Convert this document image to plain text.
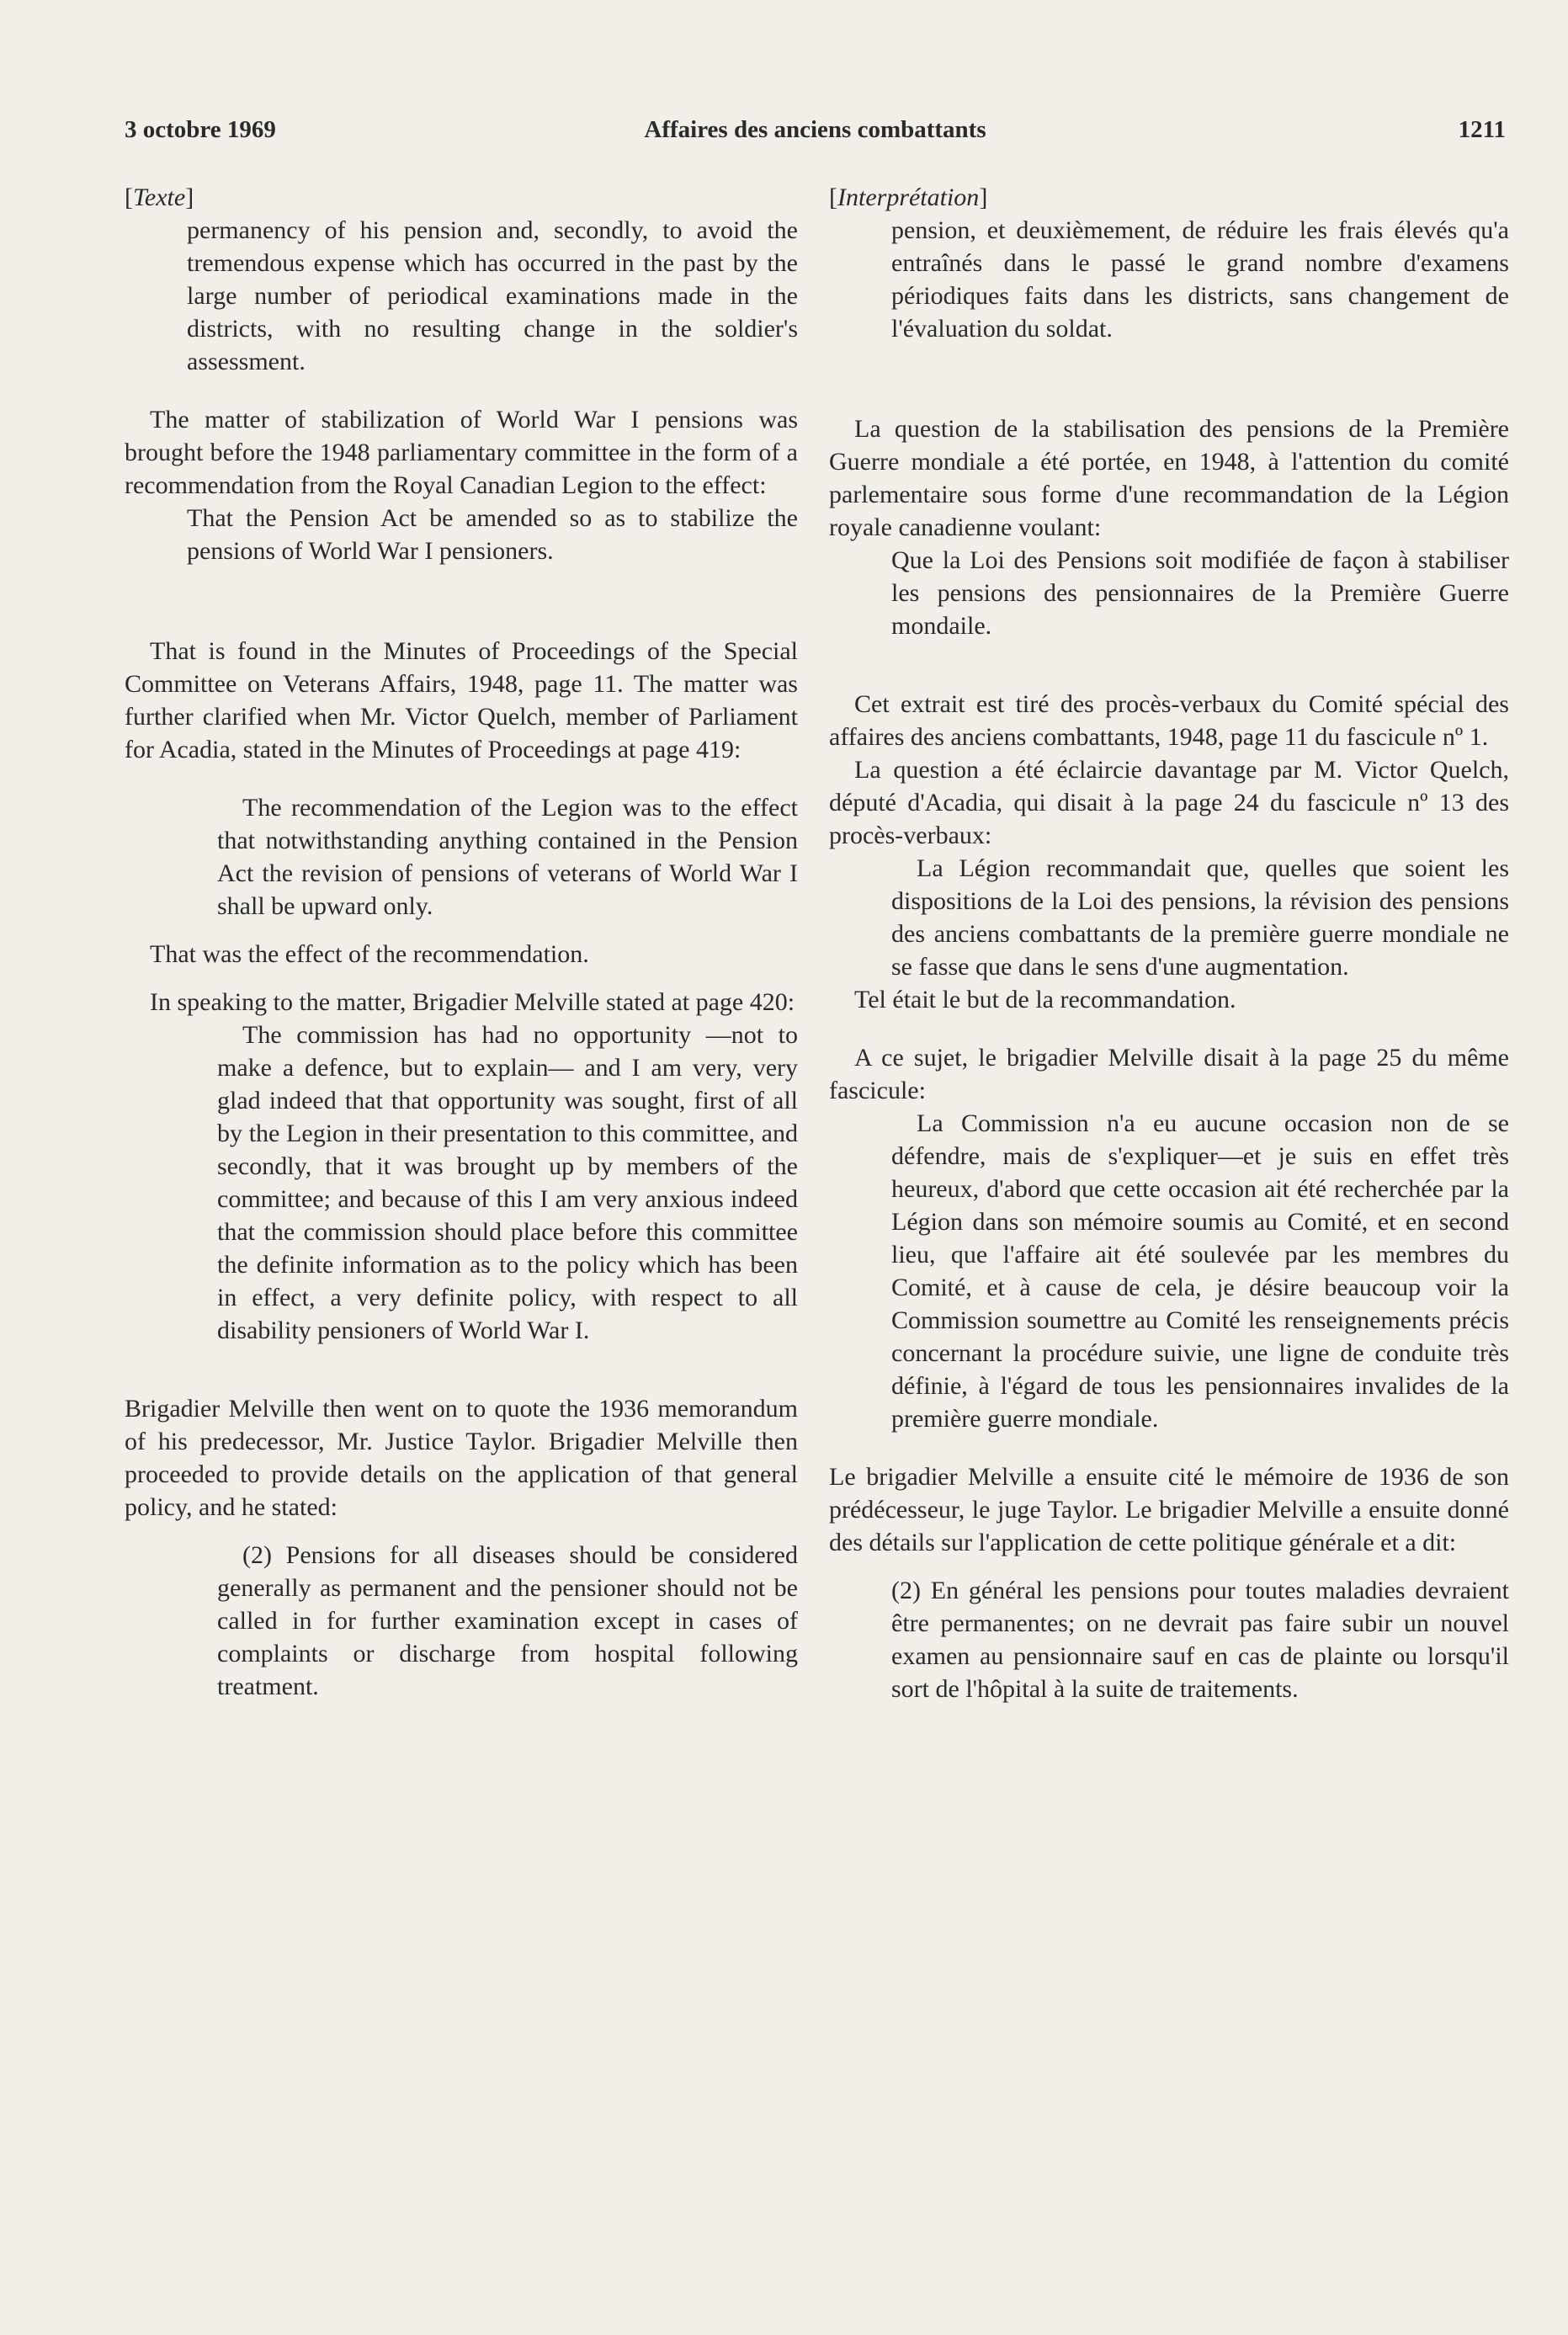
3 octobre 1969	Affaires des anciens combattants	1211
[Texte]

permanency of his pension and, secondly, to avoid the tremendous expense which has occurred in the past by the large number of periodical examinations made in the districts, with no resulting change in the soldier's assessment.

The matter of stabilization of World War I pensions was brought before the 1948 parliamentary committee in the form of a recommendation from the Royal Canadian Legion to the effect:

That the Pension Act be amended so as to stabilize the pensions of World War I pensioners.

That is found in the Minutes of Proceedings of the Special Committee on Veterans Affairs, 1948, page 11. The matter was further clarified when Mr. Victor Quelch, member of Parliament for Acadia, stated in the Minutes of Proceedings at page 419:

The recommendation of the Legion was to the effect that notwithstanding anything contained in the Pension Act the revision of pensions of veterans of World War I shall be upward only.

That was the effect of the recommendation.

In speaking to the matter, Brigadier Melville stated at page 420:

The commission has had no opportunity —not to make a defence, but to explain— and I am very, very glad indeed that that opportunity was sought, first of all by the Legion in their presentation to this committee, and secondly, that it was brought up by members of the committee; and because of this I am very anxious indeed that the commission should place before this committee the definite information as to the policy which has been in effect, a very definite policy, with respect to all disability pensioners of World War I.

Brigadier Melville then went on to quote the 1936 memorandum of his predecessor, Mr. Justice Taylor. Brigadier Melville then proceeded to provide details on the application of that general policy, and he stated:

(2) Pensions for all diseases should be considered generally as permanent and the pensioner should not be called in for further examination except in cases of complaints or discharge from hospital following treatment.

[Interprétation]

pension, et deuxièmement, de réduire les frais élevés qu'a entraînés dans le passé le grand nombre d'examens périodiques faits dans les districts, sans changement de l'évaluation du soldat.

La question de la stabilisation des pensions de la Première Guerre mondiale a été portée, en 1948, à l'attention du comité parlementaire sous forme d'une recommandation de la Légion royale canadienne voulant:

Que la Loi des Pensions soit modifiée de façon à stabiliser les pensions des pensionnaires de la Première Guerre mondaile.

Cet extrait est tiré des procès-verbaux du Comité spécial des affaires des anciens combattants, 1948, page 11 du fascicule nº 1.

La question a été éclaircie davantage par M. Victor Quelch, député d'Acadia, qui disait à la page 24 du fascicule nº 13 des procès-verbaux:

La Légion recommandait que, quelles que soient les dispositions de la Loi des pensions, la révision des pensions des anciens combattants de la première guerre mondiale ne se fasse que dans le sens d'une augmentation.

Tel était le but de la recommandation.

A ce sujet, le brigadier Melville disait à la page 25 du même fascicule:

La Commission n'a eu aucune occasion non de se défendre, mais de s'expliquer—et je suis en effet très heureux, d'abord que cette occasion ait été recherchée par la Légion dans son mémoire soumis au Comité, et en second lieu, que l'affaire ait été soulevée par les membres du Comité, et à cause de cela, je désire beaucoup voir la Commission soumettre au Comité les renseignements précis concernant la procédure suivie, une ligne de conduite très définie, à l'égard de tous les pensionnaires invalides de la première guerre mondiale.

Le brigadier Melville a ensuite cité le mémoire de 1936 de son prédécesseur, le juge Taylor. Le brigadier Melville a ensuite donné des détails sur l'application de cette politique générale et a dit:

(2) En général les pensions pour toutes maladies devraient être permanentes; on ne devrait pas faire subir un nouvel examen au pensionnaire sauf en cas de plainte ou lorsqu'il sort de l'hôpital à la suite de traitements.
